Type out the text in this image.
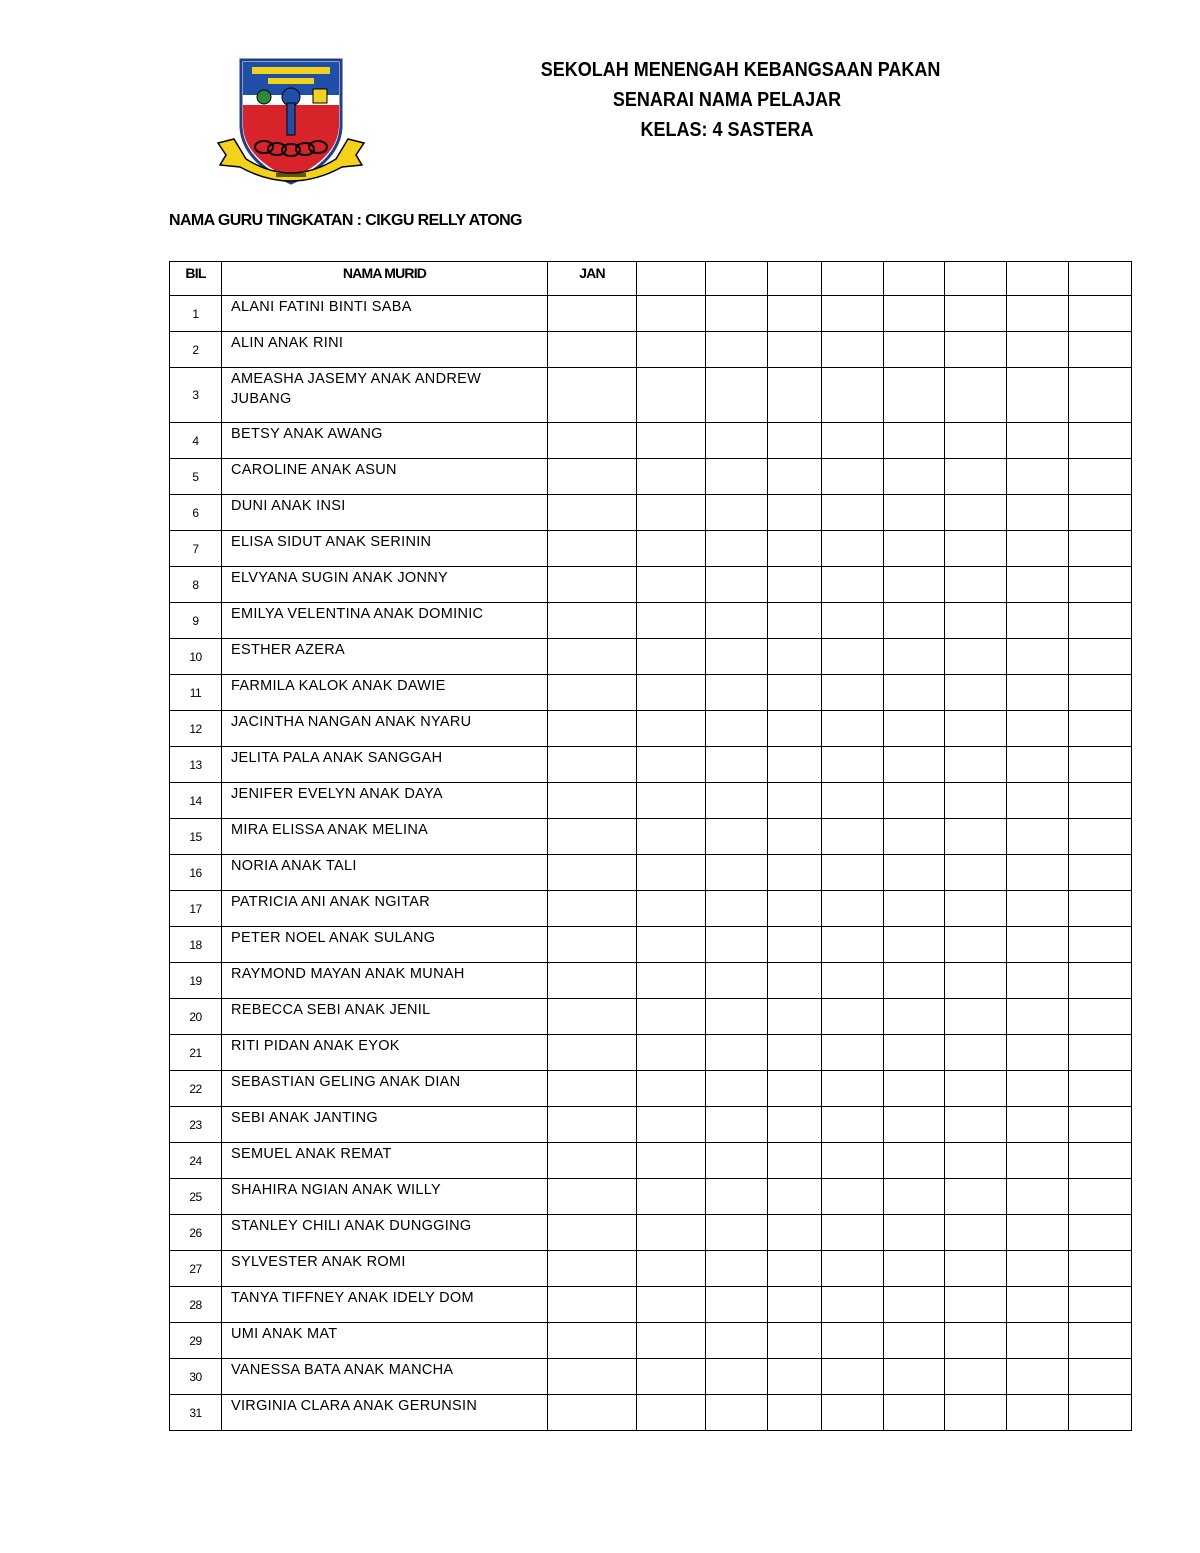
SEKOLAH MENENGAH KEBANGSAAN PAKAN
SENARAI NAMA PELAJAR
KELAS: 4 SASTERA
NAMA GURU TINGKATAN : CIKGU RELLY ATONG
BIL	NAMA MURID	JAN								
1	ALANI FATINI BINTI SABA									
2	ALIN ANAK RINI									
3	AMEASHA JASEMY ANAK ANDREW JUBANG									
4	BETSY ANAK AWANG									
5	CAROLINE ANAK ASUN									
6	DUNI ANAK INSI									
7	ELISA SIDUT ANAK SERININ									
8	ELVYANA SUGIN ANAK JONNY									
9	EMILYA VELENTINA ANAK DOMINIC									
10	ESTHER AZERA									
11	FARMILA KALOK ANAK DAWIE									
12	JACINTHA NANGAN ANAK NYARU									
13	JELITA PALA ANAK SANGGAH									
14	JENIFER EVELYN ANAK DAYA									
15	MIRA ELISSA ANAK MELINA									
16	NORIA ANAK TALI									
17	PATRICIA ANI ANAK NGITAR									
18	PETER NOEL ANAK SULANG									
19	RAYMOND MAYAN ANAK MUNAH									
20	REBECCA SEBI ANAK JENIL									
21	RITI PIDAN ANAK EYOK									
22	SEBASTIAN GELING ANAK DIAN									
23	SEBI ANAK JANTING									
24	SEMUEL ANAK REMAT									
25	SHAHIRA NGIAN ANAK WILLY									
26	STANLEY CHILI ANAK DUNGGING									
27	SYLVESTER ANAK ROMI									
28	TANYA TIFFNEY ANAK IDELY DOM									
29	UMI ANAK MAT									
30	VANESSA BATA ANAK MANCHA									
31	VIRGINIA CLARA ANAK GERUNSIN									
